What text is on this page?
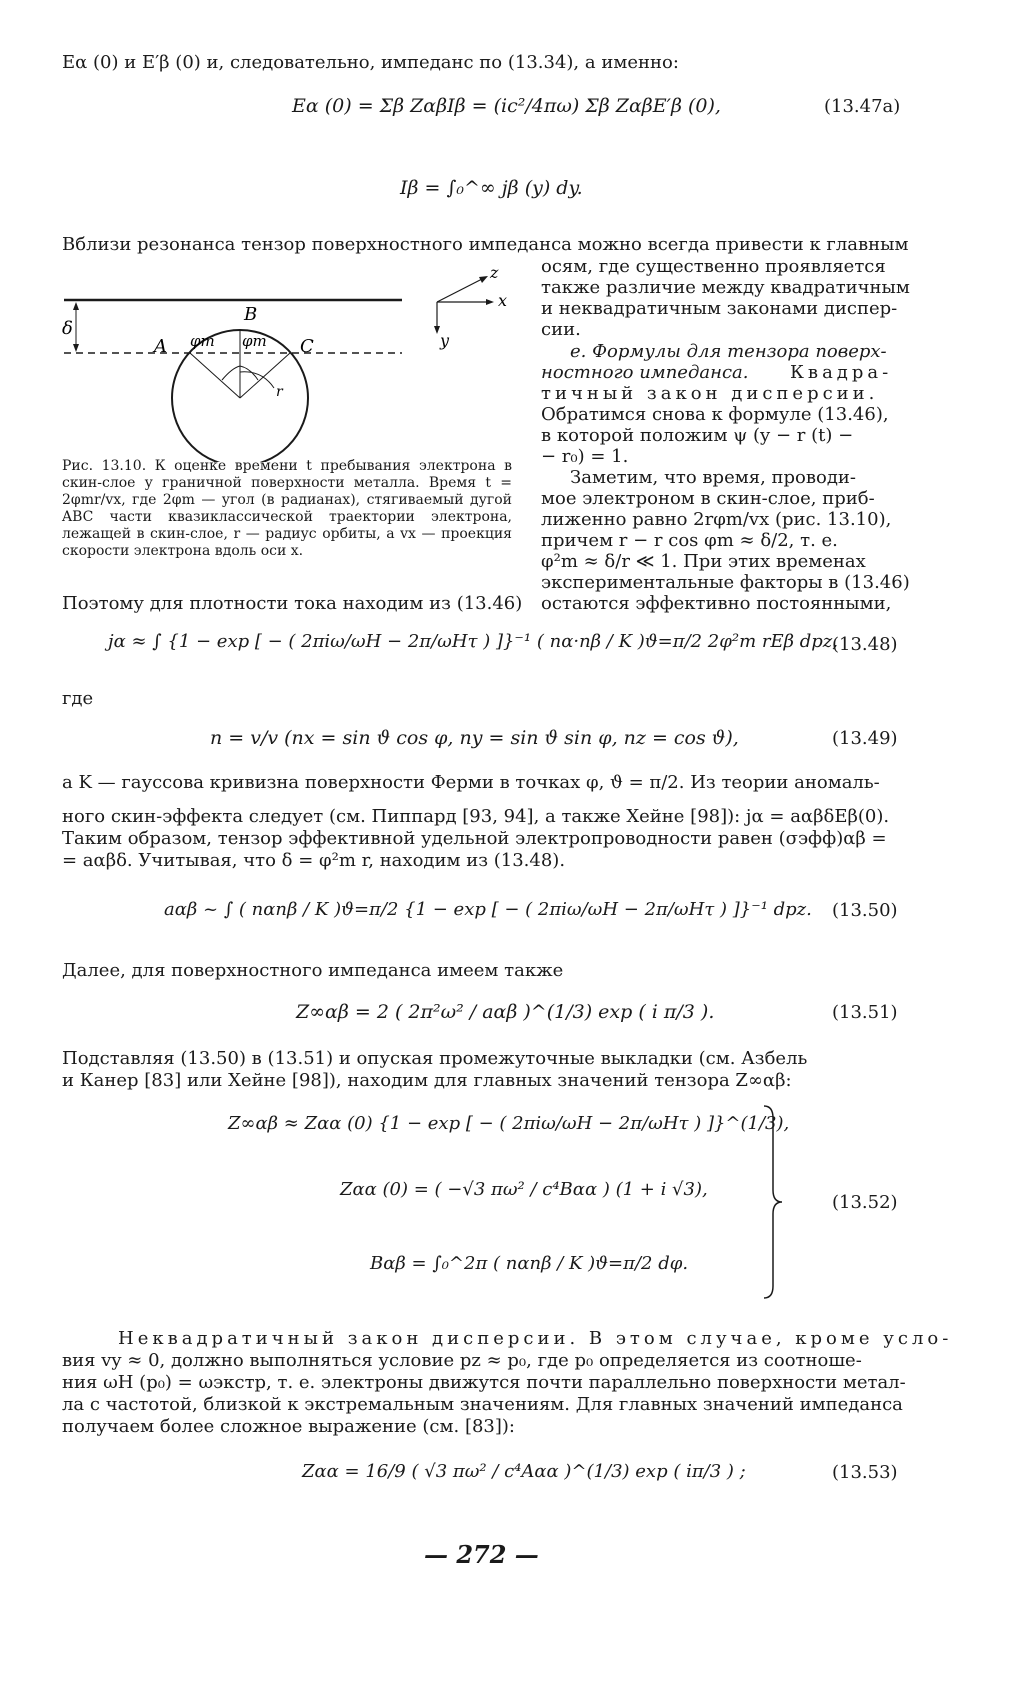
Eα (0) и E′β (0) и, следовательно, импеданс по (13.34), а именно:
Eα (0) = Σβ ZαβIβ = (ic²/4πω) Σβ ZαβE′β (0),	(13.47a)
Iβ = ∫₀^∞ jβ (y) dy.
Вблизи резонанса тензор поверхностного импеданса можно всегда привести к главным
осям, где существенно проявляется
также различие между квадратичным
и неквадратичным законами диспер-
сии.
е. Формулы для тензора поверх-
ностного импеданса. Квадра-
тичный закон дисперсии.
Обратимся снова к формуле (13.46),
в которой положим ψ (y − r (t) −
− r₀) = 1.
Заметим, что время, проводи-
мое электроном в скин-слое, приб-
лиженно равно 2rφm/vx (рис. 13.10),
причем r − r cos φm ≈ δ/2, т. е.
φ²m ≈ δ/r ≪ 1. При этих временах
экспериментальные факторы в (13.46)
остаются эффективно постоянными,
A
B
C
r
δ
φm φm
z
x
y
Рис. 13.10. К оценке времени t пребывания электрона в скин-слое у граничной поверхности металла. Время t = 2φmr/vx, где 2φm — угол (в радианах), стягиваемый дугой ABC части квазиклассической траектории электрона, лежащей в скин-слое, r — радиус орбиты, а vx — проекция скорости электрона вдоль оси x.
Поэтому для плотности тока находим из (13.46)
jα ≈ ∫ {1 − exp [ − ( 2πiω/ωH − 2π/ωHτ ) ]}⁻¹ ( nα·nβ / K )ϑ=π/2 2φ²m rEβ dpz,
(13.48)
где
n = v/v (nx = sin ϑ cos φ, ny = sin ϑ sin φ, nz = cos ϑ),	(13.49)
а K — гауссова кривизна поверхности Ферми в точках φ, ϑ = π/2. Из теории аномаль-
ного скин-эффекта следует (см. Пиппард [93, 94], а также Хейне [98]): jα = aαβδEβ(0).
Таким образом, тензор эффективной удельной электропроводности равен (σэфф)αβ =
= aαβδ. Учитывая, что δ = φ²m r, находим из (13.48).
aαβ ~ ∫ ( nαnβ / K )ϑ=π/2 {1 − exp [ − ( 2πiω/ωH − 2π/ωHτ ) ]}⁻¹ dpz. (13.50)
Далее, для поверхностного импеданса имеем также
Z∞αβ = 2 ( 2π²ω² / aαβ )^(1/3) exp ( i π/3 ).	(13.51)
Подставляя (13.50) в (13.51) и опуская промежуточные выкладки (см. Азбель
и Канер [83] или Хейне [98]), находим для главных значений тензора Z∞αβ:
Z∞αβ ≈ Zαα (0) {1 − exp [ − ( 2πiω/ωH − 2π/ωHτ ) ]}^(1/3),
Zαα (0) = ( −√3 πω² / c⁴Bαα ) (1 + i √3),
Bαβ = ∫₀^2π ( nαnβ / K )ϑ=π/2 dφ.
(13.52)
Неквадратичный закон дисперсии. В этом случае, кроме усло-
вия vy ≈ 0, должно выполняться условие pz ≈ p₀, где p₀ определяется из соотноше-
ния ωH (p₀) = ωэкстр, т. е. электроны движутся почти параллельно поверхности метал-
ла с частотой, близкой к экстремальным значениям. Для главных значений импеданса
получаем более сложное выражение (см. [83]):
Zαα = 16/9 ( √3 πω² / c⁴Aαα )^(1/3) exp ( iπ/3 ) ;	(13.53)
— 272 —
